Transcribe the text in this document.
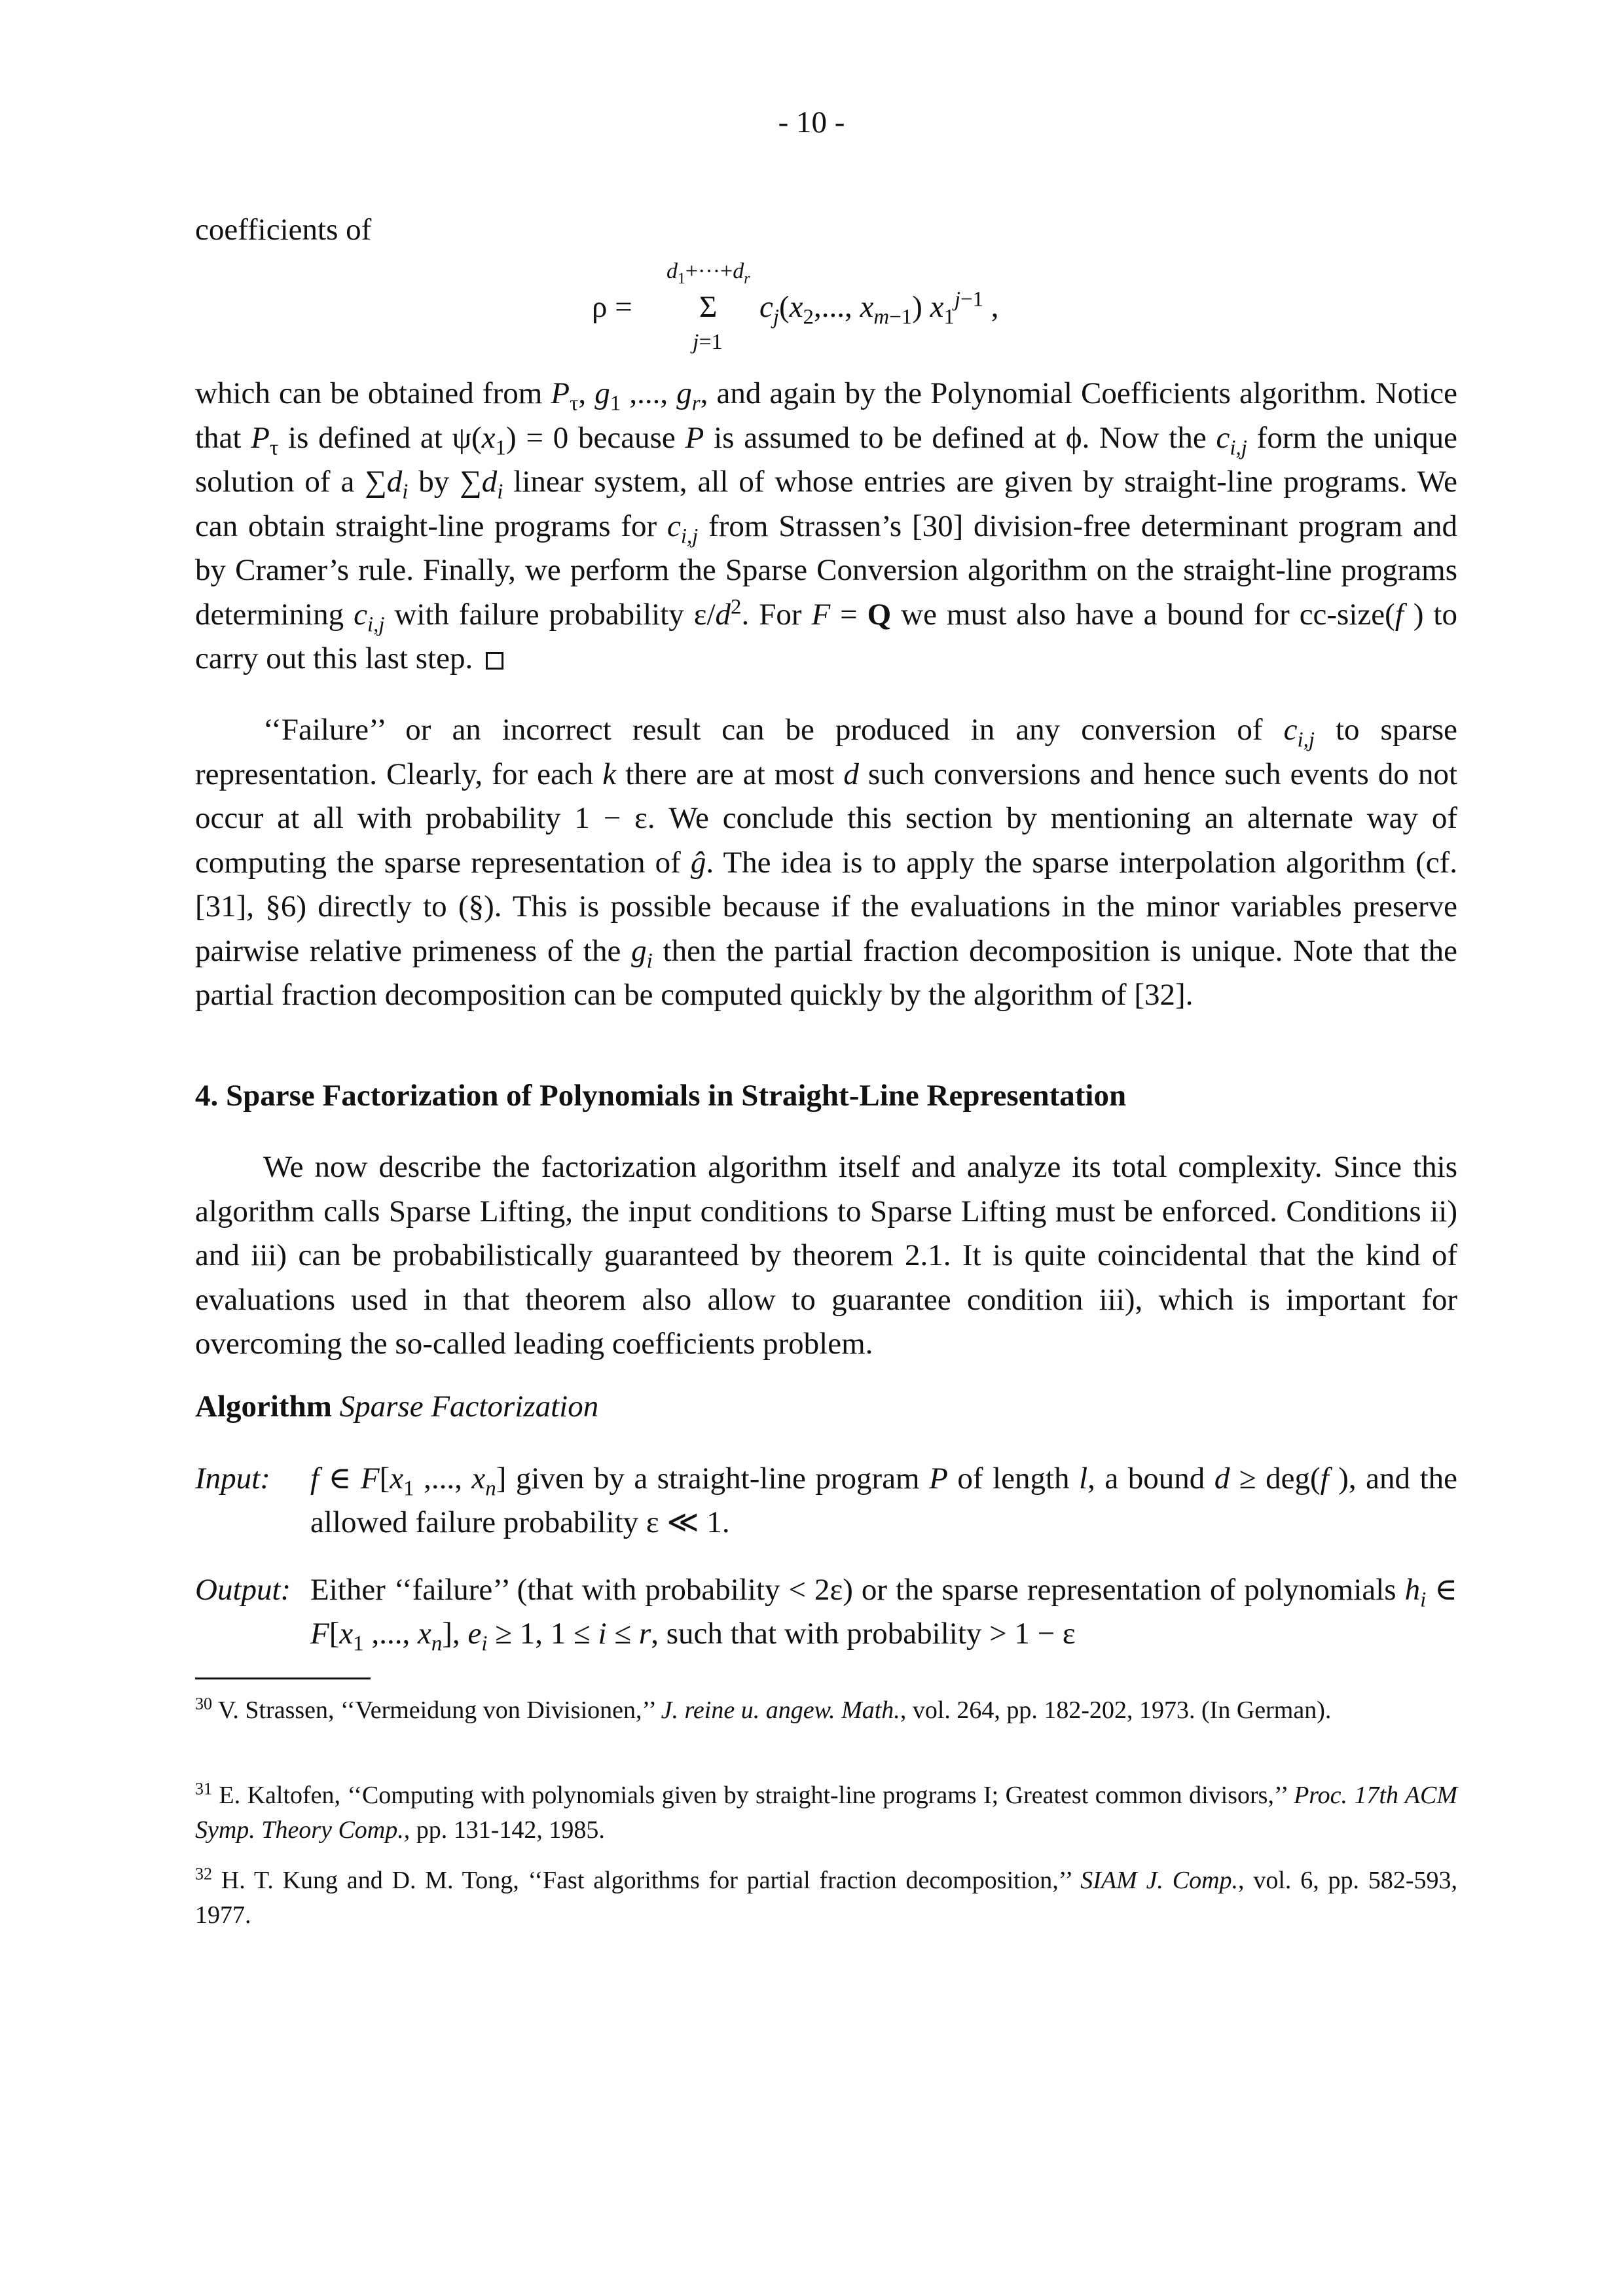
- 10 -

coefficients of

ρ =
$d_1+\cdot\cdot\cdot+d_r$
Σ
j=1
$c_j(x_2$,..., $x_{m-1}$) $x_1^{j-1}$ ,

which can be obtained from $P_\tau$, $g_1$ ,..., $g_r$, and again by the Polynomial Coefficients algorithm. Notice that $P_\tau$ is defined at $\psi(x_1) = 0$ because P is assumed to be defined at ϕ. Now the $c_{i,j}$ form the unique solution of a $\sum d_i$ by $\sum d_i$ linear system, all of whose entries are given by straight-line programs. We can obtain straight-line programs for $c_{i,j}$ from Strassen’s [30] division-free determinant program and by Cramer’s rule. Finally, we perform the Sparse Conversion algorithm on the straight-line programs determining $c_{i,j}$ with failure probability $\varepsilon/d^2$. For F = Q we must also have a bound for cc-size(f ) to carry out this last step.

‘‘Failure’’ or an incorrect result can be produced in any conversion of $c_{i,j}$ to sparse representation. Clearly, for each k there are at most d such conversions and hence such events do not occur at all with probability 1 − ε. We conclude this section by mentioning an alternate way of computing the sparse representation of ĝ. The idea is to apply the sparse interpolation algorithm (cf. [31], §6) directly to (§). This is possible because if the evaluations in the minor variables preserve pairwise relative primeness of the $g_i$ then the partial fraction decomposition is unique. Note that the partial fraction decomposition can be computed quickly by the algorithm of [32].

4. Sparse Factorization of Polynomials in Straight-Line Representation

We now describe the factorization algorithm itself and analyze its total complexity. Since this algorithm calls Sparse Lifting, the input conditions to Sparse Lifting must be enforced. Conditions ii) and iii) can be probabilistically guaranteed by theorem 2.1. It is quite coincidental that the kind of evaluations used in that theorem also allow to guarantee condition iii), which is important for overcoming the so-called leading coefficients problem.

Algorithm Sparse Factorization
Input: f ∈ $F[x_1$ ,..., $x_n$] given by a straight-line program P of length l, a bound d ≥ deg(f ), and the allowed failure probability ε ≪ 1.
Output: Either ‘‘failure’’ (that with probability < 2ε) or the sparse representation of polynomials $h_i$ ∈ $F[x_1$ ,..., $x_n$], $e_i \ge 1$, 1 ≤ i ≤ r, such that with probability > 1 − ε
$^{30}$ V. Strassen, ‘‘Vermeidung von Divisionen,’’ J. reine u. angew. Math., vol. 264, pp. 182-202, 1973. (In German).
$^{31}$ E. Kaltofen, ‘‘Computing with polynomials given by straight-line programs I; Greatest common divisors,’’ Proc. 17th ACM Symp. Theory Comp., pp. 131-142, 1985.
$^{32}$ H. T. Kung and D. M. Tong, ‘‘Fast algorithms for partial fraction decomposition,’’ SIAM J. Comp., vol. 6, pp. 582-593, 1977.
